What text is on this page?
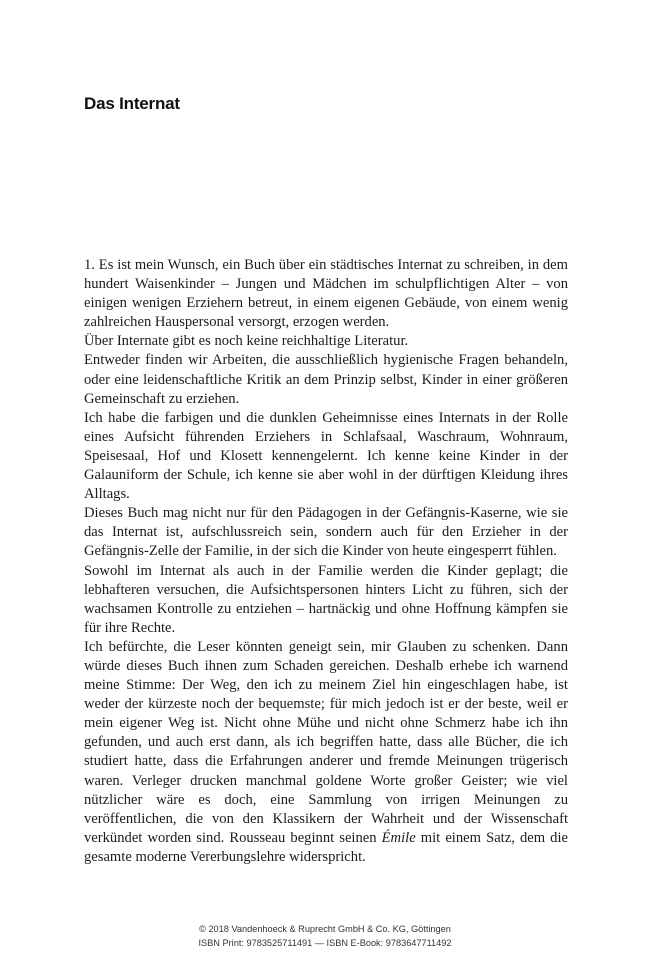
Das Internat

1. Es ist mein Wunsch, ein Buch über ein städtisches Internat zu schreiben, in dem hundert Waisenkinder – Jungen und Mädchen im schulpflichtigen Alter – von einigen wenigen Erziehern betreut, in einem eigenen Gebäude, von einem wenig zahlreichen Hauspersonal versorgt, erzogen werden.

Über Internate gibt es noch keine reichhaltige Literatur.

Entweder finden wir Arbeiten, die ausschließlich hygienische Fragen behandeln, oder eine leidenschaftliche Kritik an dem Prinzip selbst, Kinder in einer größeren Gemeinschaft zu erziehen.

Ich habe die farbigen und die dunklen Geheimnisse eines Internats in der Rolle eines Aufsicht führenden Erziehers in Schlafsaal, Waschraum, Wohnraum, Speisesaal, Hof und Klosett kennengelernt. Ich kenne keine Kinder in der Galauniform der Schule, ich kenne sie aber wohl in der dürftigen Kleidung ihres Alltags.

Dieses Buch mag nicht nur für den Pädagogen in der Gefängnis-Kaserne, wie sie das Internat ist, aufschlussreich sein, sondern auch für den Erzieher in der Gefängnis-Zelle der Familie, in der sich die Kinder von heute eingesperrt fühlen.

Sowohl im Internat als auch in der Familie werden die Kinder geplagt; die lebhafteren versuchen, die Aufsichtspersonen hinters Licht zu führen, sich der wachsamen Kontrolle zu entziehen – hartnäckig und ohne Hoffnung kämpfen sie für ihre Rechte.

Ich befürchte, die Leser könnten geneigt sein, mir Glauben zu schenken. Dann würde dieses Buch ihnen zum Schaden gereichen. Deshalb erhebe ich warnend meine Stimme: Der Weg, den ich zu meinem Ziel hin eingeschlagen habe, ist weder der kürzeste noch der bequemste; für mich jedoch ist er der beste, weil er mein eigener Weg ist. Nicht ohne Mühe und nicht ohne Schmerz habe ich ihn gefunden, und auch erst dann, als ich begriffen hatte, dass alle Bücher, die ich studiert hatte, dass die Erfahrungen anderer und fremde Meinungen trügerisch waren. Verleger drucken manchmal goldene Worte großer Geister; wie viel nützlicher wäre es doch, eine Sammlung von irrigen Meinungen zu veröffentlichen, die von den Klassikern der Wahrheit und der Wissenschaft verkündet worden sind. Rousseau beginnt seinen Émile mit einem Satz, dem die gesamte moderne Vererbungslehre widerspricht.

© 2018 Vandenhoeck & Ruprecht GmbH & Co. KG, Göttingen
ISBN Print: 9783525711491 — ISBN E-Book: 9783647711492
